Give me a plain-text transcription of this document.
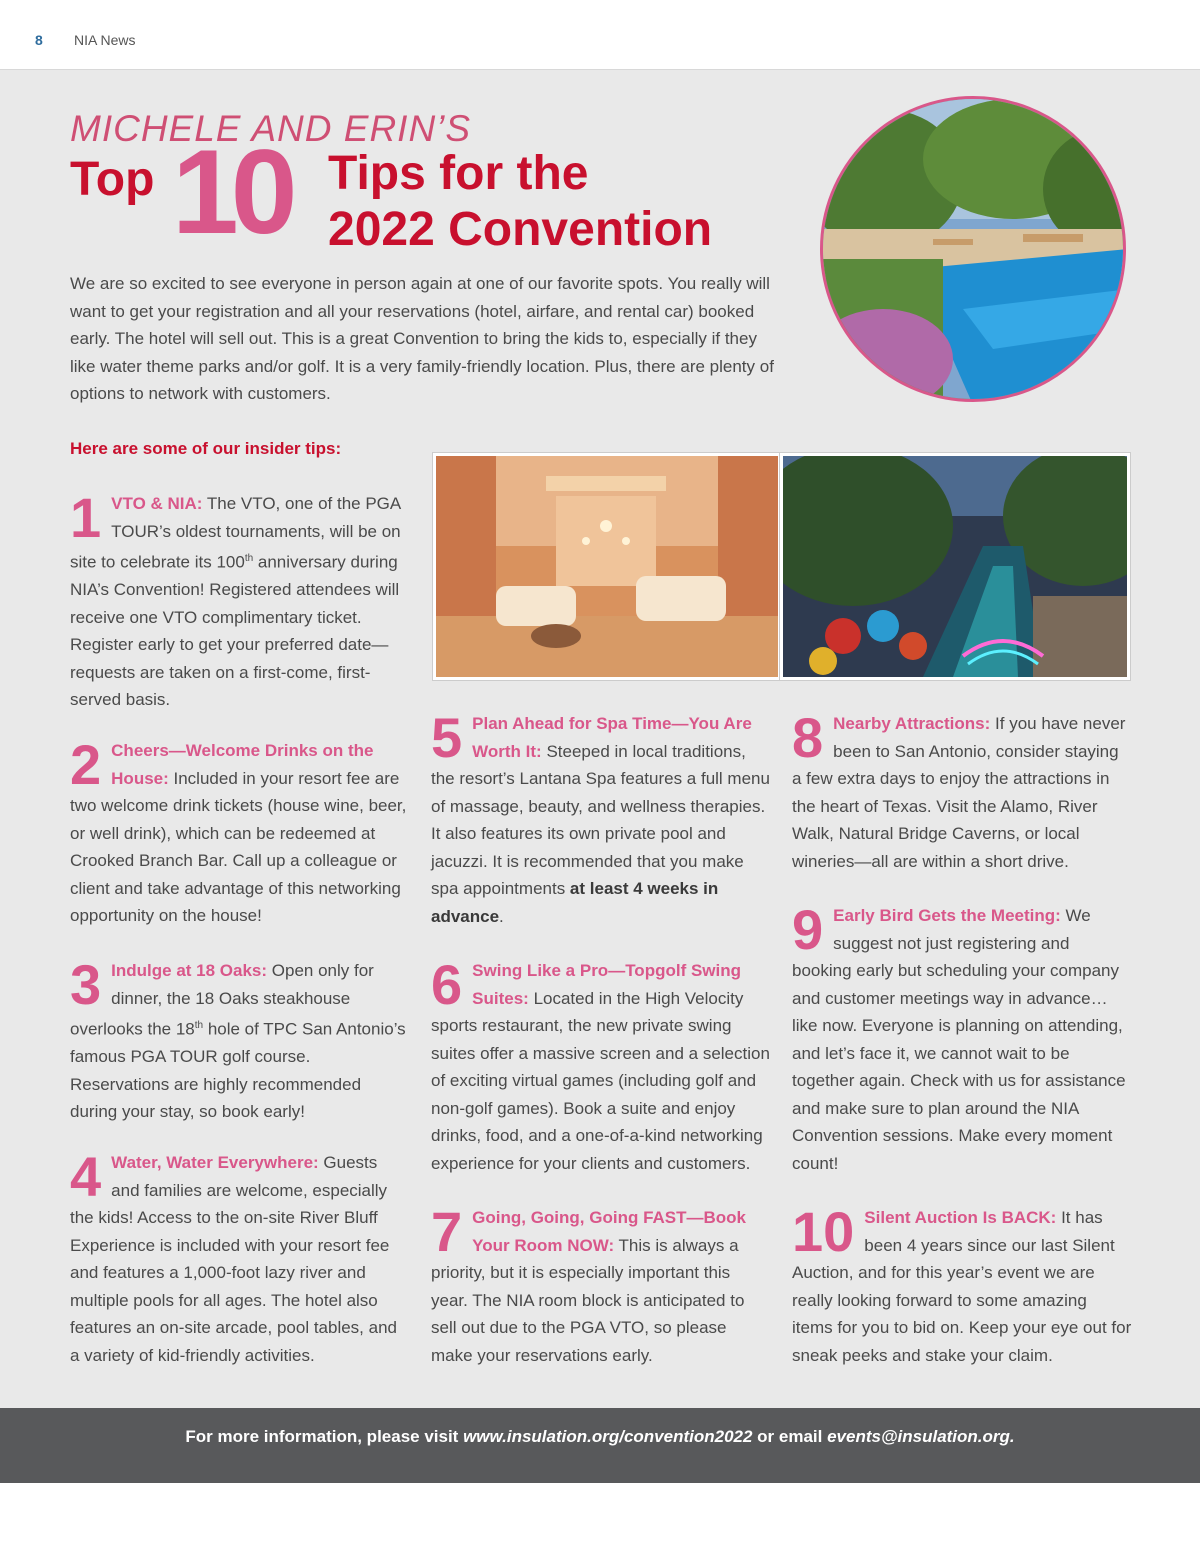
8 NIA News
MICHELE AND ERIN’S
Top 10 Tips for the
2022 Convention

We are so excited to see everyone in person again at one of our favorite spots. You really will want to get your registration and all your reservations (hotel, airfare, and rental car) booked early. The hotel will sell out. This is a great Convention to bring the kids to, especially if they like water theme parks and/or golf. It is a very family-friendly location. Plus, there are plenty of options to network with customers.

Here are some of our insider tips:
1 VTO & NIA: The VTO, one of the PGA TOUR’s oldest tournaments, will be on site to celebrate its 100th anniversary during NIA’s Convention! Registered attendees will receive one VTO complimentary ticket. Register early to get your preferred date—requests are taken on a first-come, first-served basis.
2 Cheers—Welcome Drinks on the House: Included in your resort fee are two welcome drink tickets (house wine, beer, or well drink), which can be redeemed at Crooked Branch Bar. Call up a colleague or client and take advantage of this networking opportunity on the house!
3 Indulge at 18 Oaks: Open only for dinner, the 18 Oaks steakhouse overlooks the 18th hole of TPC San Antonio’s famous PGA TOUR golf course. Reservations are highly recommended during your stay, so book early!
4 Water, Water Everywhere: Guests and families are welcome, especially the kids! Access to the on-site River Bluff Experience is included with your resort fee and features a 1,000-foot lazy river and multiple pools for all ages. The hotel also features an on-site arcade, pool tables, and a variety of kid-friendly activities.
5 Plan Ahead for Spa Time—You Are Worth It: Steeped in local traditions, the resort’s Lantana Spa features a full menu of massage, beauty, and wellness therapies. It also features its own private pool and jacuzzi. It is recommended that you make spa appointments at least 4 weeks in advance.
6 Swing Like a Pro—Topgolf Swing Suites: Located in the High Velocity sports restaurant, the new private swing suites offer a massive screen and a selection of exciting virtual games (including golf and non-golf games). Book a suite and enjoy drinks, food, and a one-of-a-kind networking experience for your clients and customers.
7 Going, Going, Going FAST—Book Your Room NOW: This is always a priority, but it is especially important this year. The NIA room block is anticipated to sell out due to the PGA VTO, so please make your reservations early.
8 Nearby Attractions: If you have never been to San Antonio, consider staying a few extra days to enjoy the attractions in the heart of Texas. Visit the Alamo, River Walk, Natural Bridge Caverns, or local wineries—all are within a short drive.
9 Early Bird Gets the Meeting: We suggest not just registering and booking early but scheduling your company and customer meetings way in advance… like now. Everyone is planning on attending, and let’s face it, we cannot wait to be together again. Check with us for assistance and make sure to plan around the NIA Convention sessions. Make every moment count!
10 Silent Auction Is BACK: It has been 4 years since our last Silent Auction, and for this year’s event we are really looking forward to some amazing items for you to bid on. Keep your eye out for sneak peeks and stake your claim.
For more information, please visit www.insulation.org/convention2022 or email events@insulation.org.
